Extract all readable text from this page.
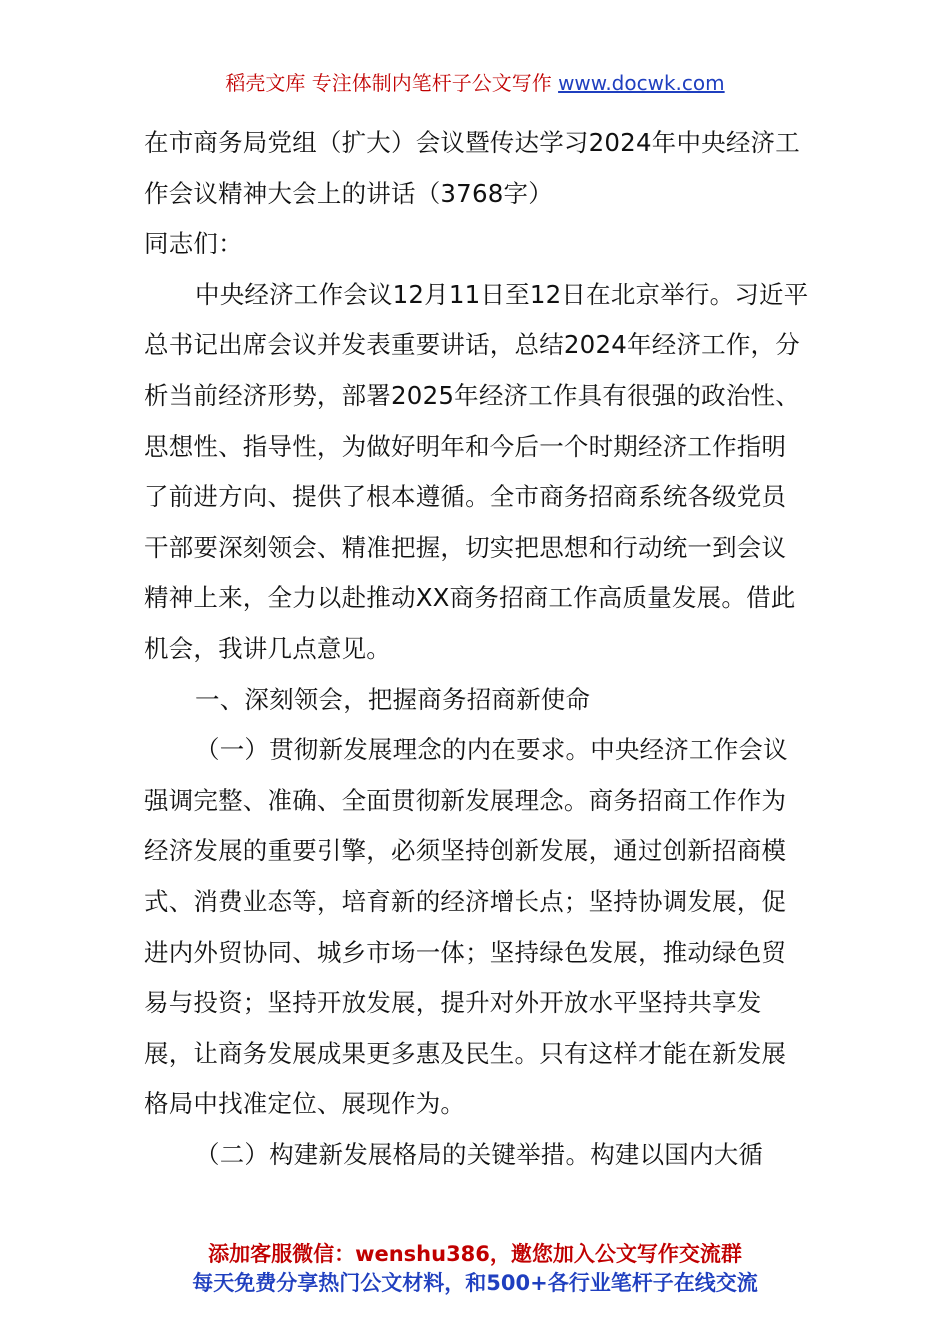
稻壳文库 专注体制内笔杆子公文写作 www.docwk.com

在市商务局党组（扩大）会议暨传达学习2024年中央经济工作会议精神大会上的讲话（3768字）

同志们：

中央经济工作会议12月11日至12日在北京举行。习近平总书记出席会议并发表重要讲话，总结2024年经济工作，分析当前经济形势，部署2025年经济工作具有很强的政治性、思想性、指导性，为做好明年和今后一个时期经济工作指明了前进方向、提供了根本遵循。全市商务招商系统各级党员干部要深刻领会、精准把握，切实把思想和行动统一到会议精神上来，全力以赴推动XX商务招商工作高质量发展。借此机会，我讲几点意见。

一、深刻领会，把握商务招商新使命

（一）贯彻新发展理念的内在要求。中央经济工作会议强调完整、准确、全面贯彻新发展理念。商务招商工作作为经济发展的重要引擎，必须坚持创新发展，通过创新招商模式、消费业态等，培育新的经济增长点；坚持协调发展，促进内外贸协同、城乡市场一体；坚持绿色发展，推动绿色贸易与投资；坚持开放发展，提升对外开放水平坚持共享发展，让商务发展成果更多惠及民生。只有这样才能在新发展格局中找准定位、展现作为。

（二）构建新发展格局的关键举措。构建以国内大循

添加客服微信：wenshu386，邀您加入公文写作交流群
每天免费分享热门公文材料，和500+各行业笔杆子在线交流
